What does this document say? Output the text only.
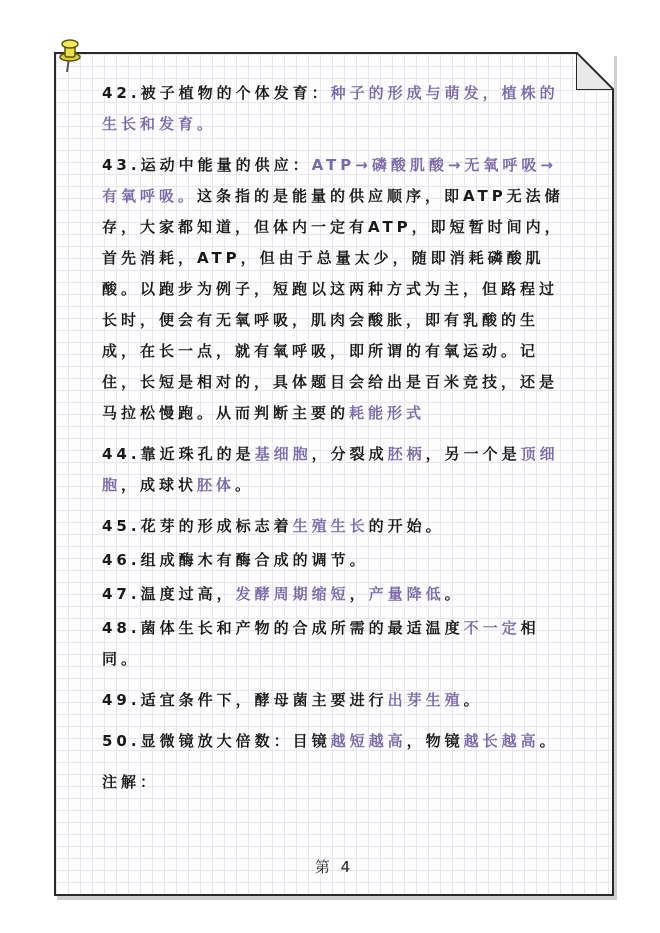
42.被子植物的个体发育：种子的形成与萌发，植株的生长和发育。
43.运动中能量的供应：ATP→磷酸肌酸→无氧呼吸→有氧呼吸。这条指的是能量的供应顺序，即ATP无法储存，大家都知道，但体内一定有ATP，即短暂时间内，首先消耗，ATP，但由于总量太少，随即消耗磷酸肌酸。以跑步为例子，短跑以这两种方式为主，但路程过长时，便会有无氧呼吸，肌肉会酸胀，即有乳酸的生成，在长一点，就有氧呼吸，即所谓的有氧运动。记住，长短是相对的，具体题目会给出是百米竞技，还是马拉松慢跑。从而判断主要的耗能形式
44.靠近珠孔的是基细胞，分裂成胚柄，另一个是顶细胞，成球状胚体。
45.花芽的形成标志着生殖生长的开始。
46.组成酶木有酶合成的调节。
47.温度过高，发酵周期缩短，产量降低。
48.菌体生长和产物的合成所需的最适温度不一定相同。
49.适宜条件下，酵母菌主要进行出芽生殖。
50.显微镜放大倍数：目镜越短越高，物镜越长越高。
注解：
第 4
